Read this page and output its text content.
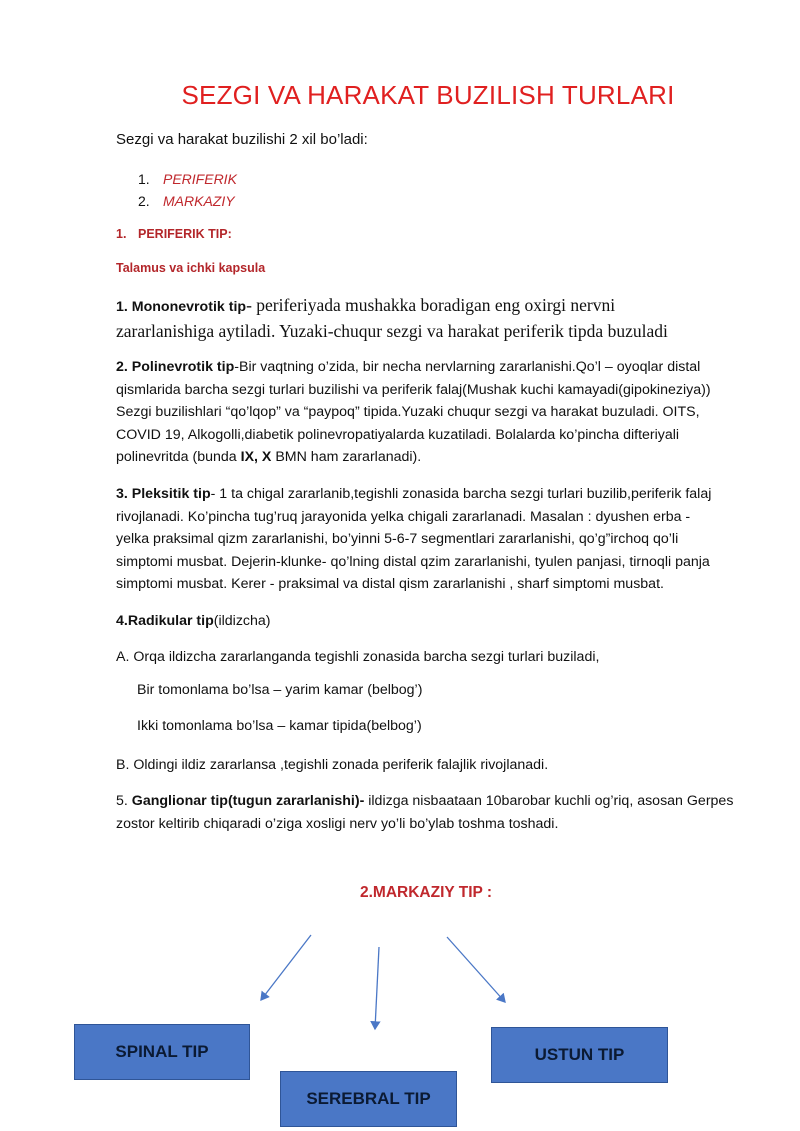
SEZGI VA HARAKAT BUZILISH TURLARI
Sezgi va harakat buzilishi 2 xil bo’ladi:
1. PERIFERIK
2. MARKAZIY
1. PERIFERIK TIP:
Talamus va ichki kapsula
1. Mononevrotik tip- periferiyada mushakka boradigan eng oxirgi nervni
zararlanishiga aytiladi. Yuzaki-chuqur sezgi va harakat periferik tipda buzuladi
2. Polinevrotik tip-Bir vaqtning o’zida, bir necha nervlarning zararlanishi.Qo’l – oyoqlar distal
qismlarida barcha sezgi turlari buzilishi va periferik falaj(Mushak kuchi kamayadi(gipokineziya))
Sezgi buzilishlari “qo’lqop” va “paypoq” tipida.Yuzaki chuqur sezgi va harakat buzuladi. OITS,
COVID 19, Alkogolli,diabetik polinevropatiyalarda kuzatiladi. Bolalarda ko’pincha difteriyali
polinevritda (bunda IX, X BMN ham zararlanadi).
3. Pleksitik tip- 1 ta chigal zararlanib,tegishli zonasida barcha sezgi turlari buzilib,periferik falaj
rivojlanadi. Ko’pincha tug’ruq jarayonida yelka chigali zararlanadi. Masalan : dyushen erba -
yelka praksimal qizm zararlanishi, bo’yinni 5-6-7 segmentlari zararlanishi, qo’g”irchoq qo’li
simptomi musbat. Dejerin-klunke- qo’lning distal qzim zararlanishi, tyulen panjasi, tirnoqli panja
simptomi musbat. Kerer - praksimal va distal qism zararlanishi , sharf simptomi musbat.
4.Radikular tip(ildizcha)
A. Orqa ildizcha zararlanganda tegishli zonasida barcha sezgi turlari buziladi,
Bir tomonlama bo’lsa – yarim kamar (belbog’)
Ikki tomonlama bo’lsa – kamar tipida(belbog’)
B. Oldingi ildiz zararlansa ,tegishli zonada periferik falajlik rivojlanadi.
5. Ganglionar tip(tugun zararlanishi)- ildizga nisbaataan 10barobar kuchli og’riq, asosan Gerpes
zostor keltirib chiqaradi o’ziga xosligi nerv yo’li bo’ylab toshma toshadi.
2.MARKAZIY TIP :
SPINAL TIP	USTUN TIP
SEREBRAL TIP
